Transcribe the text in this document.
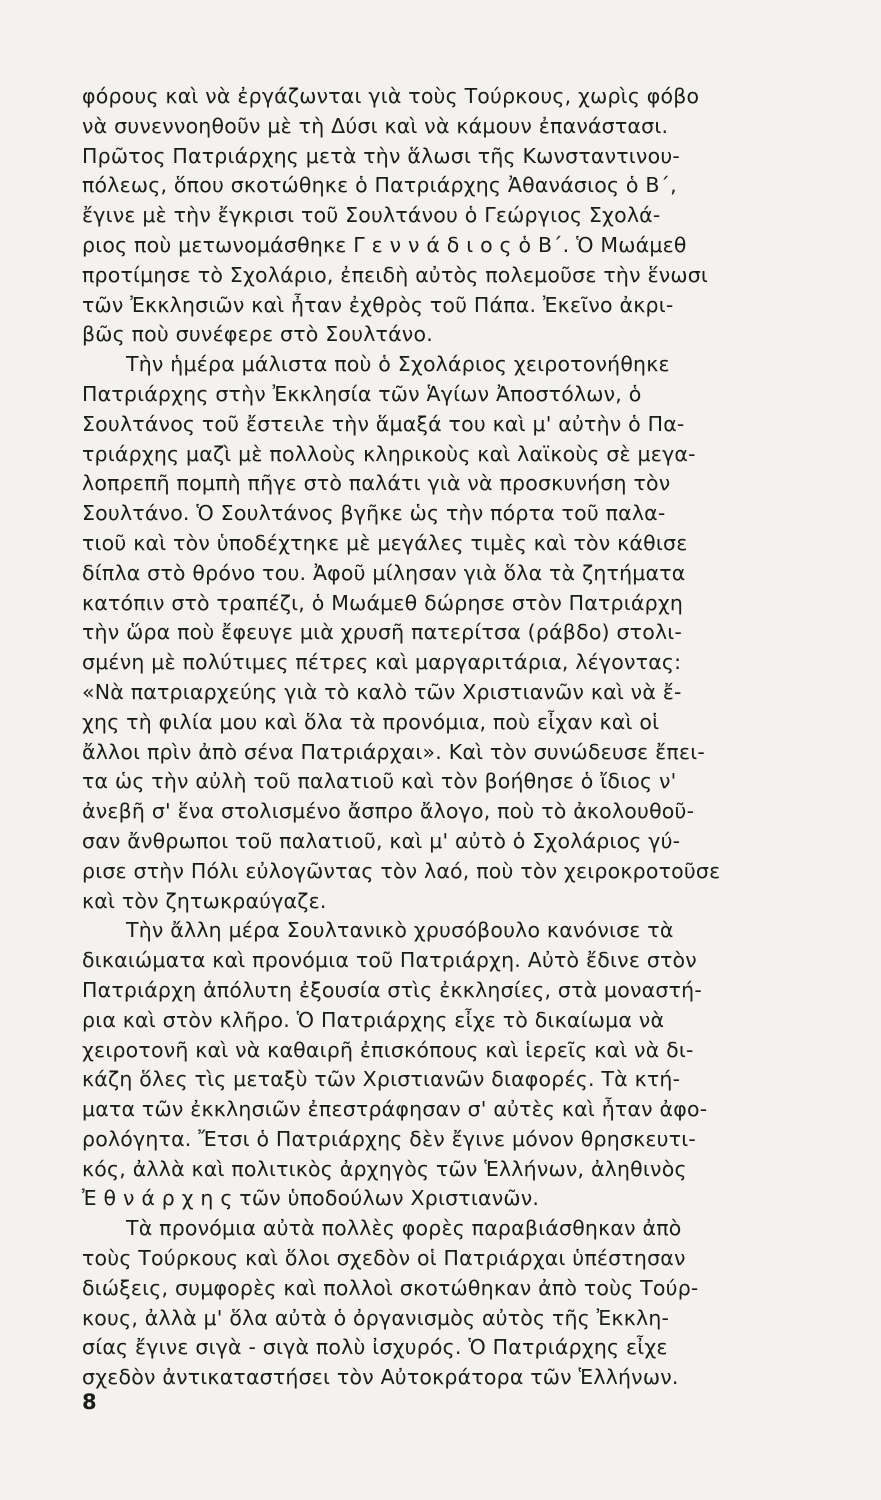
φόρους καὶ νὰ ἐργάζωνται γιὰ τοὺς Τούρκους, χωρὶς φόβο
νὰ συνεννοηθοῦν μὲ τὴ Δύσι καὶ νὰ κάμουν ἐπανάστασι.
Πρῶτος Πατριάρχης μετὰ τὴν ἅλωσι τῆς Κωνσταντινου-
πόλεως, ὅπου σκοτώθηκε ὁ Πατριάρχης Ἀθανάσιος ὁ Β΄,
ἔγινε μὲ τὴν ἔγκρισι τοῦ Σουλτάνου ὁ Γεώργιος Σχολά-
ριος ποὺ μετωνομάσθηκε Γ ε ν ν ά δ ι ο ς ὁ Β΄. Ὁ Μωάμεθ
προτίμησε τὸ Σχολάριο, ἐπειδὴ αὐτὸς πολεμοῦσε τὴν ἕνωσι
τῶν Ἐκκλησιῶν καὶ ἦταν ἐχθρὸς τοῦ Πάπα. Ἐκεῖνο ἀκρι-
βῶς ποὺ συνέφερε στὸ Σουλτάνο.
Τὴν ἡμέρα μάλιστα ποὺ ὁ Σχολάριος χειροτονήθηκε
Πατριάρχης στὴν Ἐκκλησία τῶν Ἁγίων Ἀποστόλων, ὁ
Σουλτάνος τοῦ ἔστειλε τὴν ἅμαξά του καὶ μ' αὐτὴν ὁ Πα-
τριάρχης μαζὶ μὲ πολλοὺς κληρικοὺς καὶ λαϊκοὺς σὲ μεγα-
λοπρεπῆ πομπὴ πῆγε στὸ παλάτι γιὰ νὰ προσκυνήση τὸν
Σουλτάνο. Ὁ Σουλτάνος βγῆκε ὡς τὴν πόρτα τοῦ παλα-
τιοῦ καὶ τὸν ὑποδέχτηκε μὲ μεγάλες τιμὲς καὶ τὸν κάθισε
δίπλα στὸ θρόνο του. Ἀφοῦ μίλησαν γιὰ ὅλα τὰ ζητήματα
κατόπιν στὸ τραπέζι, ὁ Μωάμεθ δώρησε στὸν Πατριάρχη
τὴν ὥρα ποὺ ἔφευγε μιὰ χρυσῆ πατερίτσα (ράβδο) στολι-
σμένη μὲ πολύτιμες πέτρες καὶ μαργαριτάρια, λέγοντας:
«Νὰ πατριαρχεύης γιὰ τὸ καλὸ τῶν Χριστιανῶν καὶ νὰ ἔ-
χης τὴ φιλία μου καὶ ὅλα τὰ προνόμια, ποὺ εἶχαν καὶ οἱ
ἄλλοι πρὶν ἀπὸ σένα Πατριάρχαι». Καὶ τὸν συνώδευσε ἔπει-
τα ὡς τὴν αὐλὴ τοῦ παλατιοῦ καὶ τὸν βοήθησε ὁ ἴδιος ν'
ἀνεβῆ σ' ἕνα στολισμένο ἄσπρο ἄλογο, ποὺ τὸ ἀκολουθοῦ-
σαν ἄνθρωποι τοῦ παλατιοῦ, καὶ μ' αὐτὸ ὁ Σχολάριος γύ-
ρισε στὴν Πόλι εὐλογῶντας τὸν λαό, ποὺ τὸν χειροκροτοῦσε
καὶ τὸν ζητωκραύγαζε.
Τὴν ἄλλη μέρα Σουλτανικὸ χρυσόβουλο κανόνισε τὰ
δικαιώματα καὶ προνόμια τοῦ Πατριάρχη. Αὐτὸ ἔδινε στὸν
Πατριάρχη ἀπόλυτη ἐξουσία στὶς ἐκκλησίες, στὰ μοναστή-
ρια καὶ στὸν κλῆρο. Ὁ Πατριάρχης εἶχε τὸ δικαίωμα νὰ
χειροτονῆ καὶ νὰ καθαιρῆ ἐπισκόπους καὶ ἱερεῖς καὶ νὰ δι-
κάζη ὅλες τὶς μεταξὺ τῶν Χριστιανῶν διαφορές. Τὰ κτή-
ματα τῶν ἐκκλησιῶν ἐπεστράφησαν σ' αὐτὲς καὶ ἦταν ἀφο-
ρολόγητα. Ἔτσι ὁ Πατριάρχης δὲν ἔγινε μόνον θρησκευτι-
κός, ἀλλὰ καὶ πολιτικὸς ἀρχηγὸς τῶν Ἑλλήνων, ἀληθινὸς
Ἐ θ ν ά ρ χ η ς τῶν ὑποδούλων Χριστιανῶν.
Τὰ προνόμια αὐτὰ πολλὲς φορὲς παραβιάσθηκαν ἀπὸ
τοὺς Τούρκους καὶ ὅλοι σχεδὸν οἱ Πατριάρχαι ὑπέστησαν
διώξεις, συμφορὲς καὶ πολλοὶ σκοτώθηκαν ἀπὸ τοὺς Τούρ-
κους, ἀλλὰ μ' ὅλα αὐτὰ ὁ ὀργανισμὸς αὐτὸς τῆς Ἐκκλη-
σίας ἔγινε σιγὰ - σιγὰ πολὺ ἰσχυρός. Ὁ Πατριάρχης εἶχε
σχεδὸν ἀντικαταστήσει τὸν Αὐτοκράτορα τῶν Ἑλλήνων.
8
